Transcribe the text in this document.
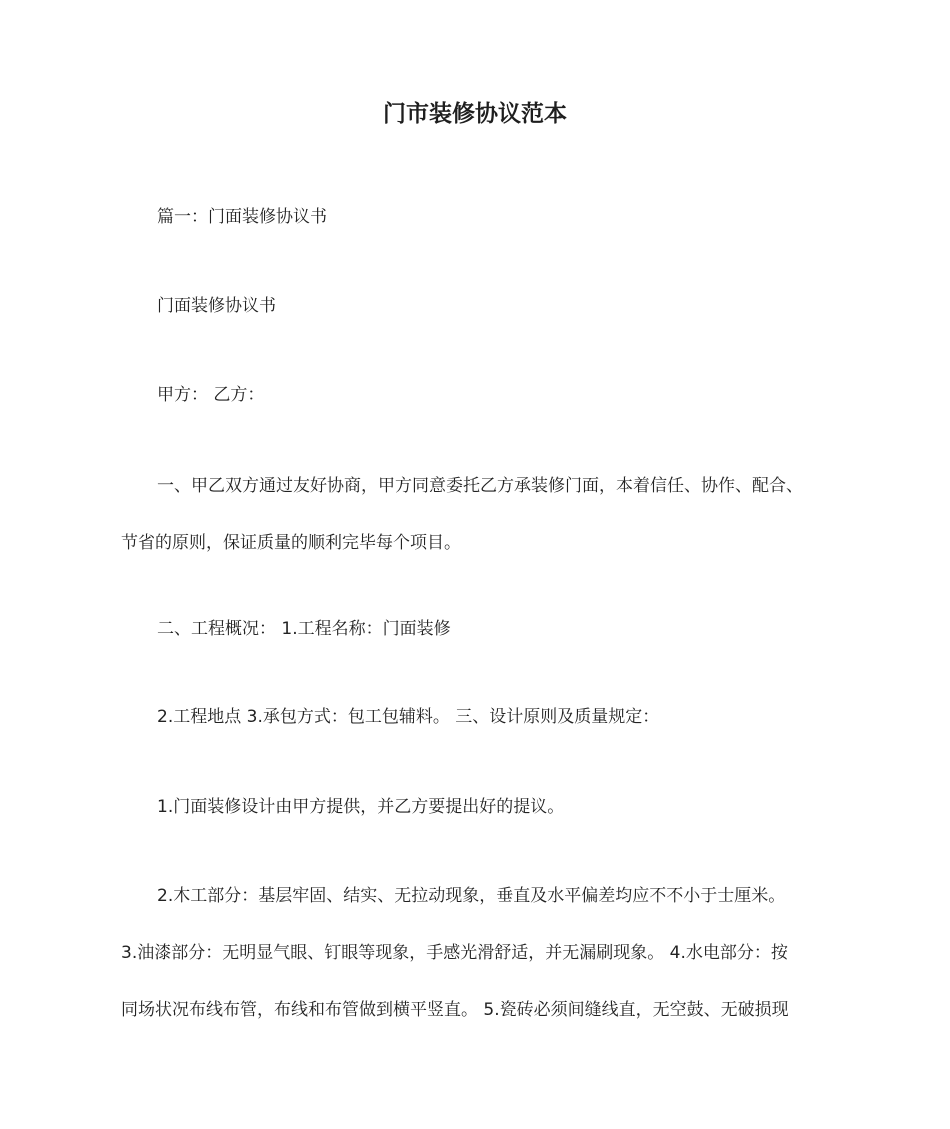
门市装修协议范本
篇一：门面装修协议书
门面装修协议书
甲方： 乙方：
一、甲乙双方通过友好协商，甲方同意委托乙方承装修门面，本着信任、协作、配合、
节省的原则，保证质量的顺利完毕每个项目。
二、工程概况： 1.工程名称：门面装修
2.工程地点 3.承包方式：包工包辅料。 三、设计原则及质量规定：
1.门面装修设计由甲方提供，并乙方要提出好的提议。
2.木工部分：基层牢固、结实、无拉动现象，垂直及水平偏差均应不不小于士厘米。
3.油漆部分：无明显气眼、钉眼等现象，手感光滑舒适，并无漏刷现象。 4.水电部分：按
同场状况布线布管，布线和布管做到横平竖直。 5.瓷砖必须间缝线直，无空鼓、无破损现
